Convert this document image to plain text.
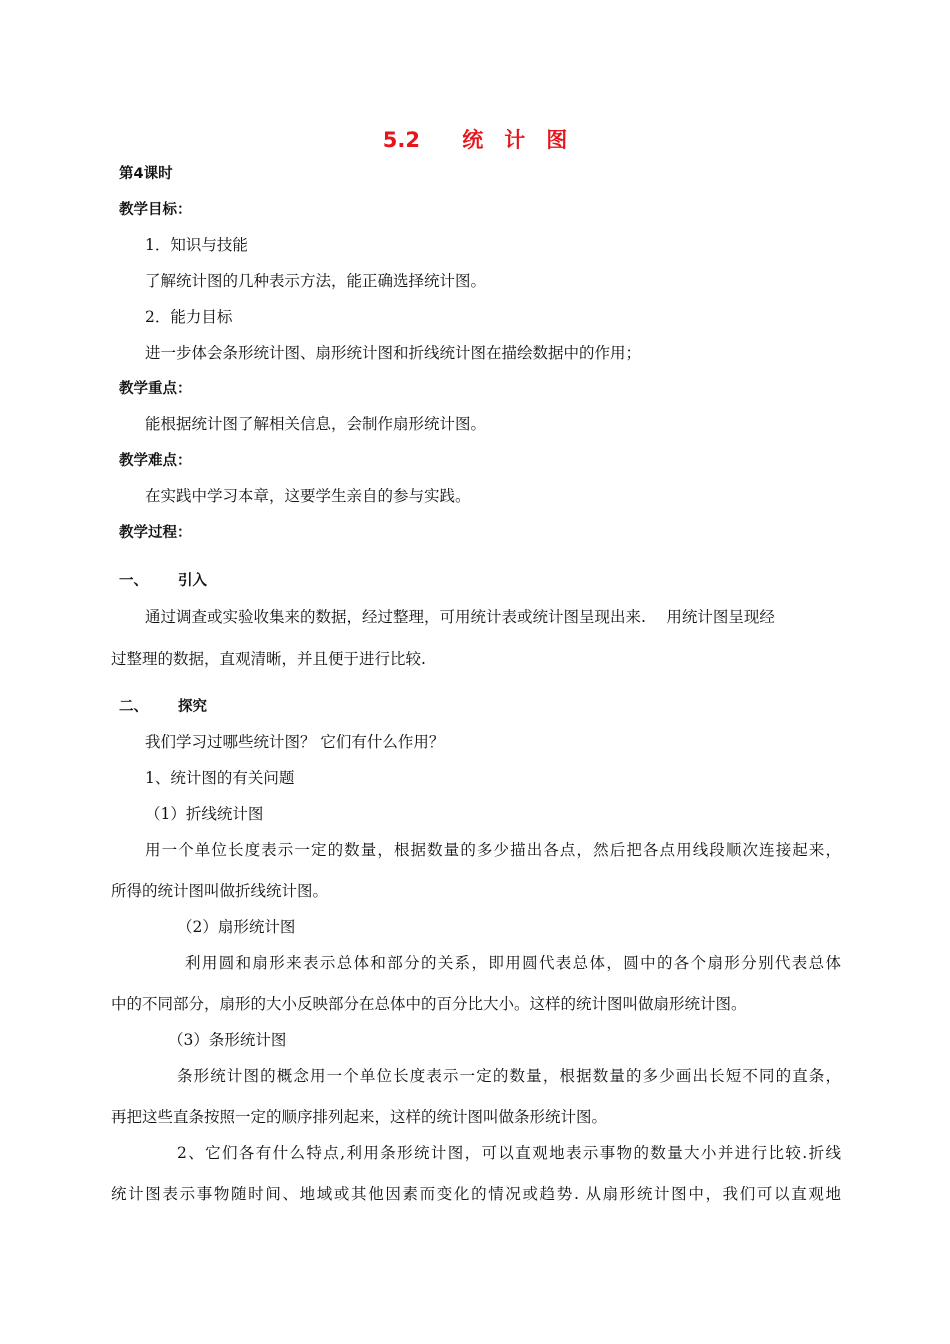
5.2　 统　计　图
第4课时
教学目标：
1．知识与技能
了解统计图的几种表示方法，能正确选择统计图。
2．能力目标
进一步体会条形统计图、扇形统计图和折线统计图在描绘数据中的作用；
教学重点：
能根据统计图了解相关信息，会制作扇形统计图。
教学难点：
在实践中学习本章，这要学生亲自的参与实践。
教学过程：
一、 引入
通过调查或实验收集来的数据，经过整理，可用统计表或统计图呈现出来.　 用统计图呈现经
过整理的数据，直观清晰，并且便于进行比较.
二、 探究
我们学习过哪些统计图？ 它们有什么作用？
1、统计图的有关问题
（1）折线统计图
用一个单位长度表示一定的数量，根据数量的多少描出各点，然后把各点用线段顺次连接起来，
所得的统计图叫做折线统计图。
（2）扇形统计图
利用圆和扇形来表示总体和部分的关系，即用圆代表总体，圆中的各个扇形分别代表总体
中的不同部分，扇形的大小反映部分在总体中的百分比大小。这样的统计图叫做扇形统计图。
（3）条形统计图
条形统计图的概念用一个单位长度表示一定的数量，根据数量的多少画出长短不同的直条，
再把这些直条按照一定的顺序排列起来，这样的统计图叫做条形统计图。
2、它们各有什么特点,利用条形统计图，可以直观地表示事物的数量大小并进行比较.折线
统计图表示事物随时间、地域或其他因素而变化的情况或趋势. 从扇形统计图中，我们可以直观地
